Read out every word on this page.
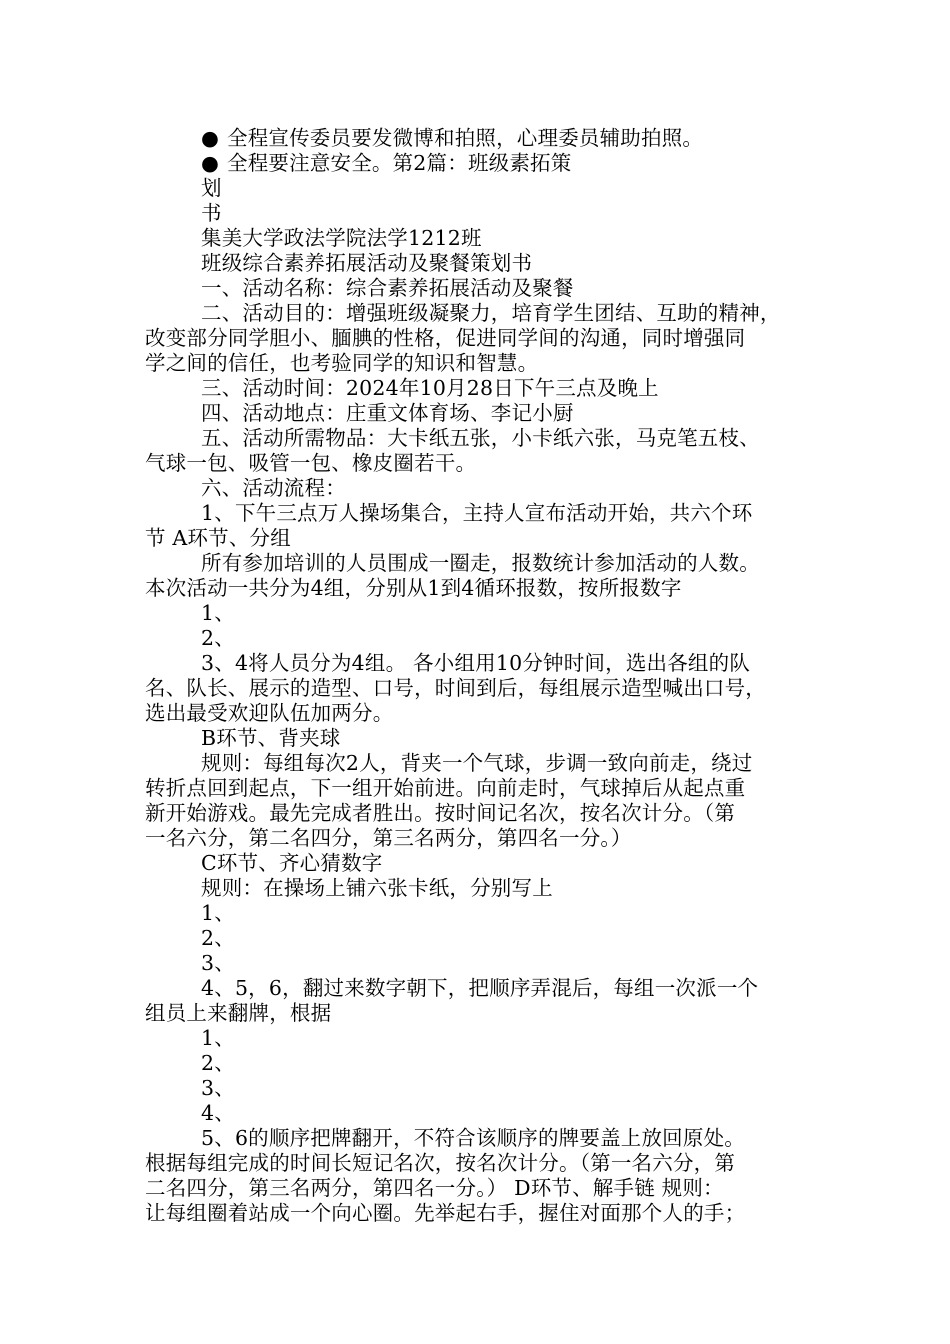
● 全程宣传委员要发微博和拍照，心理委员辅助拍照。
● 全程要注意安全。第2篇：班级素拓策
划
书
集美大学政法学院法学1212班
班级综合素养拓展活动及聚餐策划书
一、活动名称：综合素养拓展活动及聚餐
二、活动目的：增强班级凝聚力，培育学生团结、互助的精神，
改变部分同学胆小、腼腆的性格，促进同学间的沟通，同时增强同
学之间的信任，也考验同学的知识和智慧。
三、活动时间：2024年10月28日下午三点及晚上
四、活动地点：庄重文体育场、李记小厨
五、活动所需物品：大卡纸五张，小卡纸六张，马克笔五枝、
气球一包、吸管一包、橡皮圈若干。
六、活动流程：
1、下午三点万人操场集合，主持人宣布活动开始，共六个环
节 A环节、分组
所有参加培训的人员围成一圈走，报数统计参加活动的人数。
本次活动一共分为4组，分别从1到4循环报数，按所报数字
1、
2、
3、4将人员分为4组。 各小组用10分钟时间，选出各组的队
名、队长、展示的造型、口号，时间到后，每组展示造型喊出口号，
选出最受欢迎队伍加两分。
B环节、背夹球
规则：每组每次2人，背夹一个气球，步调一致向前走，绕过
转折点回到起点，下一组开始前进。向前走时，气球掉后从起点重
新开始游戏。最先完成者胜出。按时间记名次，按名次计分。（第
一名六分，第二名四分，第三名两分，第四名一分。）
C环节、齐心猜数字
规则：在操场上铺六张卡纸，分别写上
1、
2、
3、
4、5，6，翻过来数字朝下，把顺序弄混后，每组一次派一个
组员上来翻牌，根据
1、
2、
3、
4、
5、6的顺序把牌翻开，不符合该顺序的牌要盖上放回原处。
根据每组完成的时间长短记名次，按名次计分。（第一名六分，第
二名四分，第三名两分，第四名一分。） D环节、解手链 规则：
让每组圈着站成一个向心圈。先举起右手，握住对面那个人的手；
